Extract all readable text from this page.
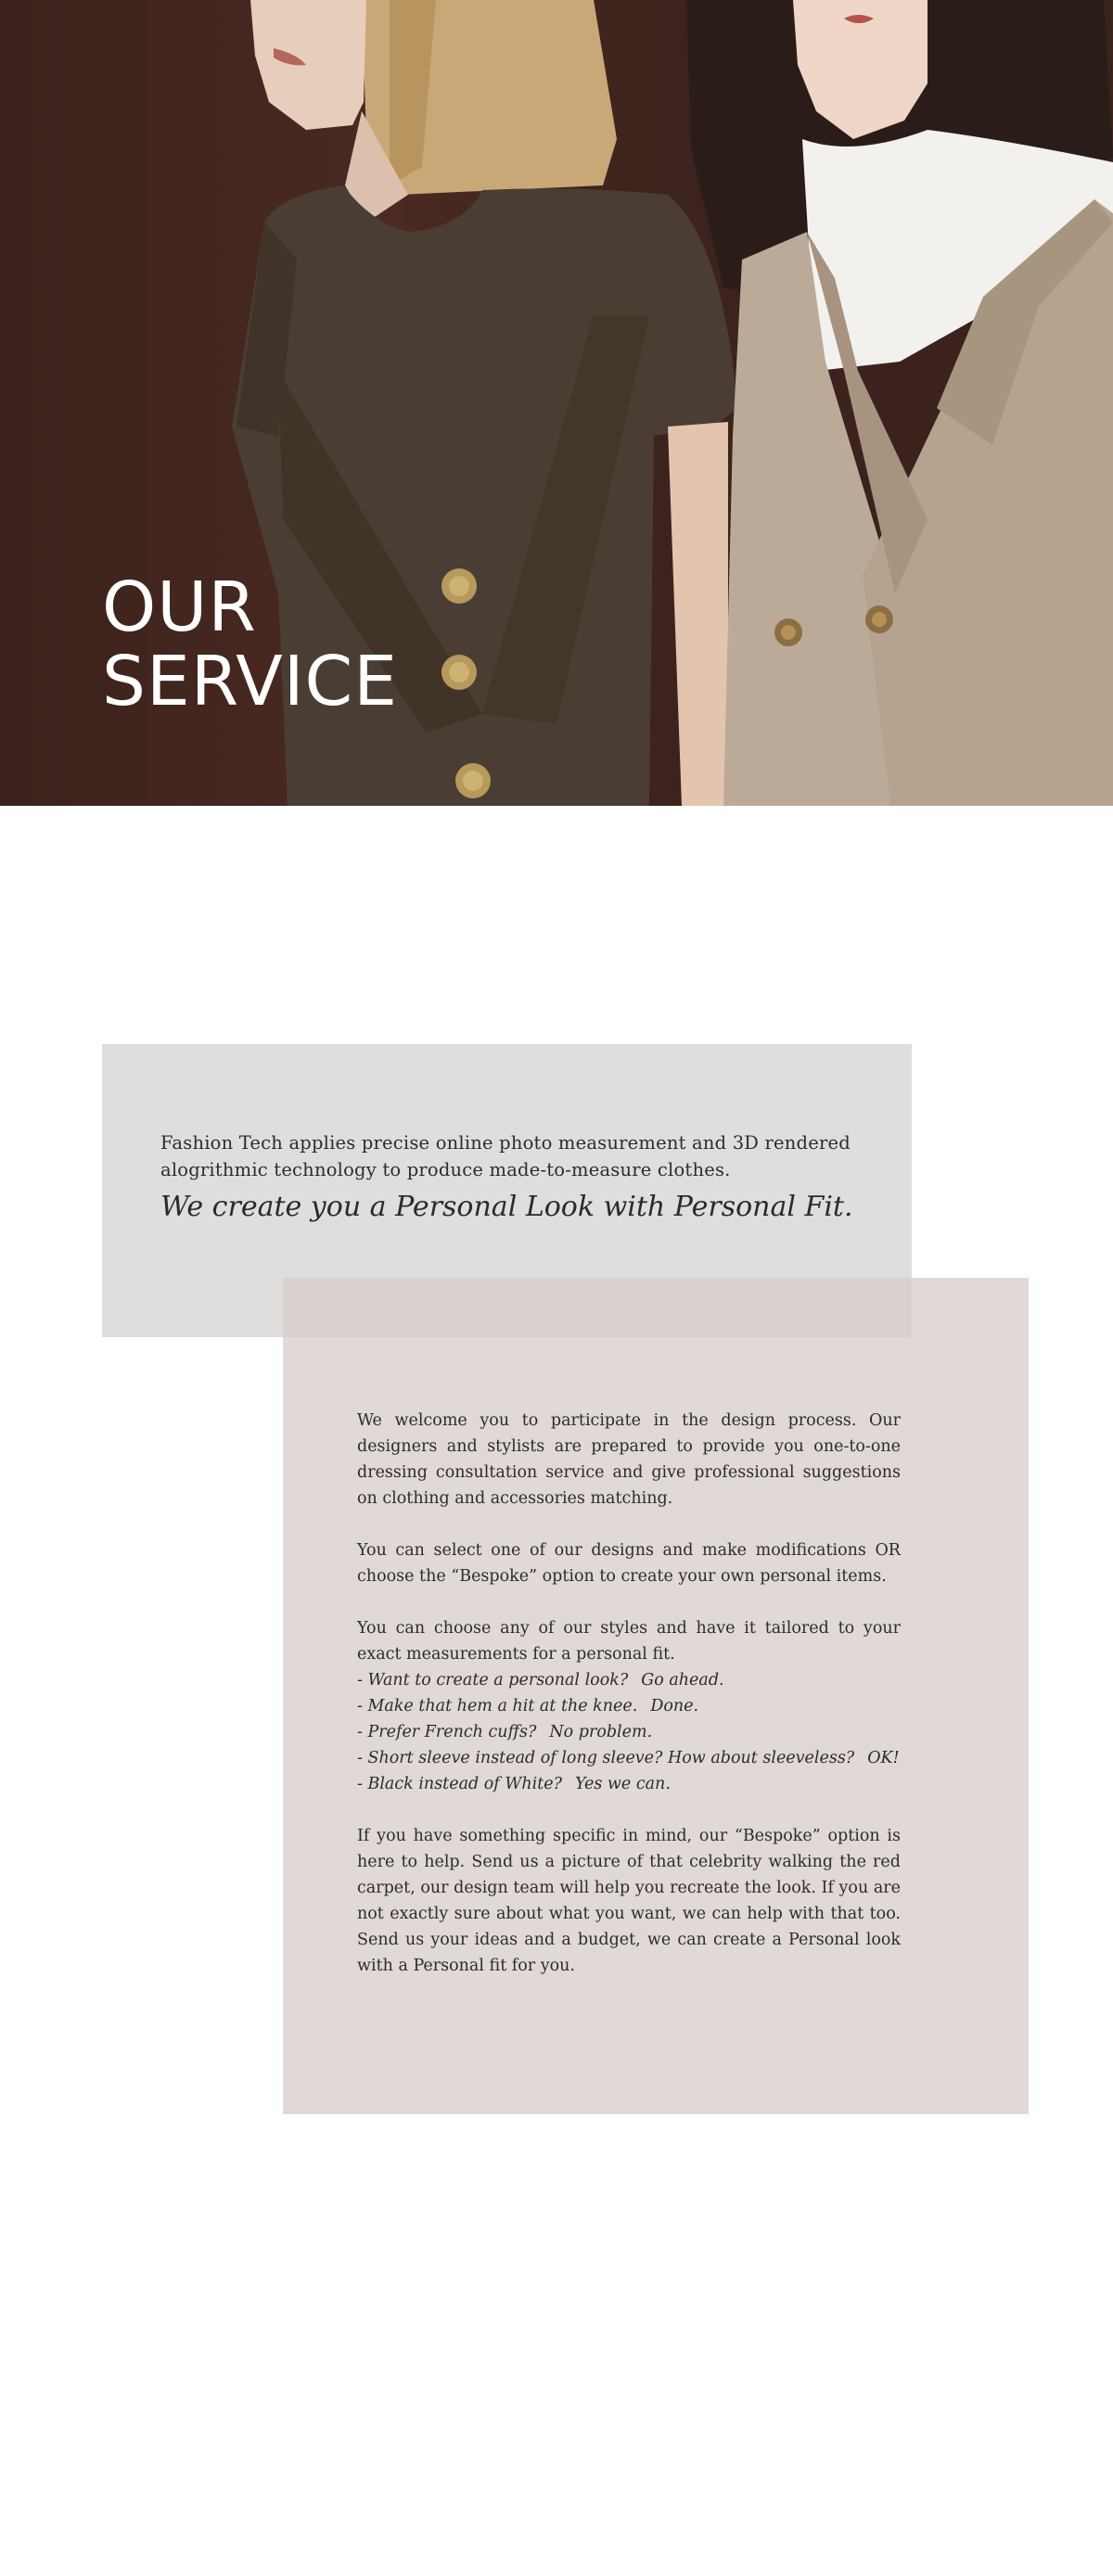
OUR
SERVICE
Fashion Tech applies precise online photo measurement and 3D rendered alogrithmic technology to produce made-to-measure clothes.
We create you a Personal Look with Personal Fit.

We welcome you to participate in the design process. Our designers and stylists are prepared to provide you one-to-one dressing consultation service and give professional suggestions on clothing and accessories matching.

You can select one of our designs and make modifications OR choose the “Bespoke” option to create your own personal items.

You can choose any of our styles and have it tailored to your exact measurements for a personal fit.

- Want to create a personal look? Go ahead.
- Make that hem a hit at the knee. Done.
- Prefer French cuffs? No problem.
- Short sleeve instead of long sleeve? How about sleeveless? OK!
- Black instead of White? Yes we can.

If you have something specific in mind, our “Bespoke” option is here to help. Send us a picture of that celebrity walking the red carpet, our design team will help you recreate the look. If you are not exactly sure about what you want, we can help with that too. Send us your ideas and a budget, we can create a Personal look with a Personal fit for you.
